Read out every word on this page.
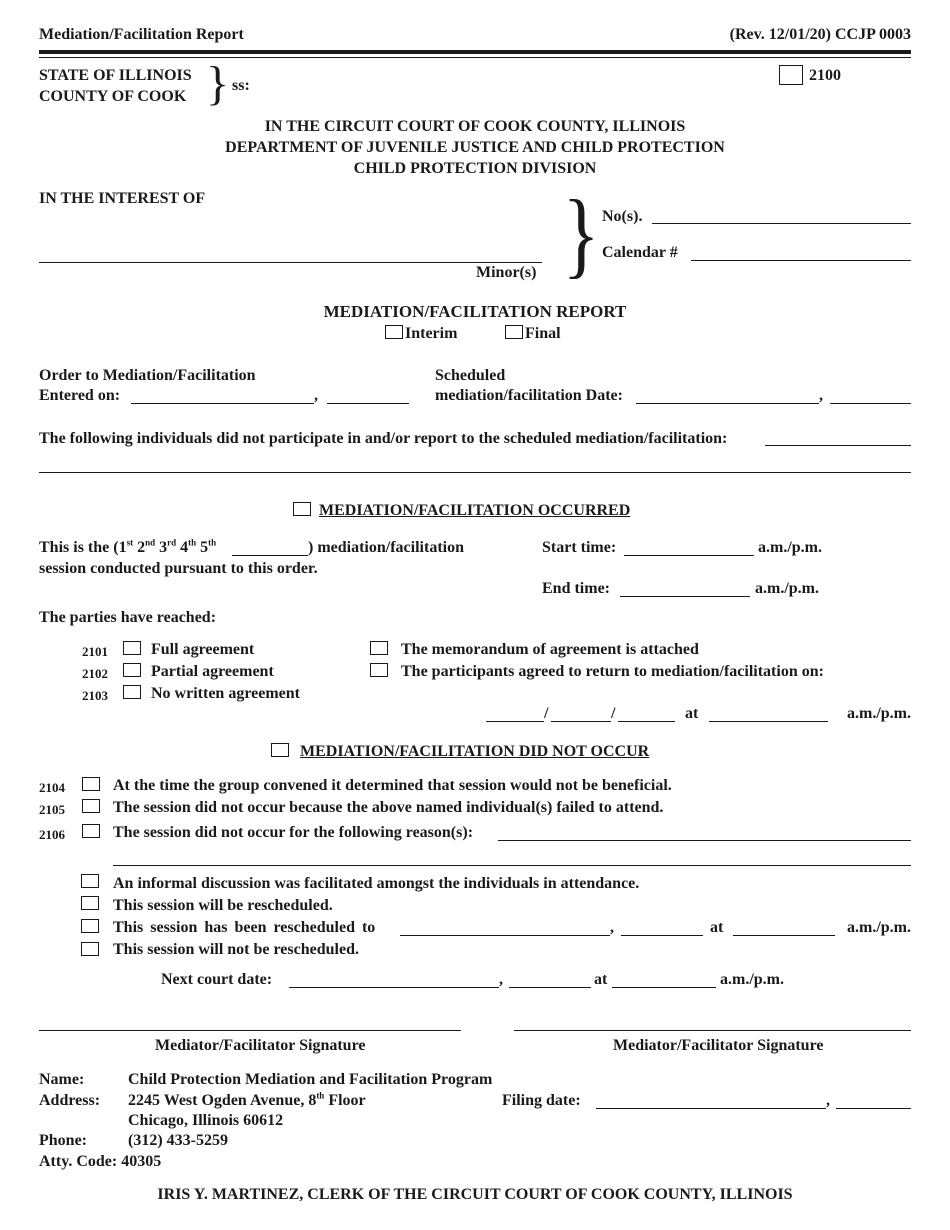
Mediation/Facilitation Report	(Rev. 12/01/20) CCJP 0003
STATE OF ILLINOIS
COUNTY OF COOK } ss:
2100
IN THE CIRCUIT COURT OF COOK COUNTY, ILLINOIS
DEPARTMENT OF JUVENILE JUSTICE AND CHILD PROTECTION
CHILD PROTECTION DIVISION
IN THE INTEREST OF
Minor(s) } No(s).
Calendar #
MEDIATION/FACILITATION REPORT
Interim	Final
Order to Mediation/Facilitation
Entered on:	,
Scheduled
mediation/facilitation Date:	,
The following individuals did not participate in and/or report to the scheduled mediation/facilitation:
MEDIATION/FACILITATION OCCURRED
This is the (1st 2nd 3rd 4th 5th	) mediation/facilitation
session conducted pursuant to this order.
Start time:	a.m./p.m.
End time:	a.m./p.m.
The parties have reached:
2101	Full agreement
2102	Partial agreement
2103	No written agreement
The memorandum of agreement is attached
The participants agreed to return to mediation/facilitation on:
/	/	at	a.m./p.m.
MEDIATION/FACILITATION DID NOT OCCUR
2104	At the time the group convened it determined that session would not be beneficial.
2105	The session did not occur because the above named individual(s) failed to attend.
2106	The session did not occur for the following reason(s):
An informal discussion was facilitated amongst the individuals in attendance.
This session will be rescheduled.
This session has been rescheduled to	,	at	a.m./p.m.
This session will not be rescheduled.
Next court date:	,	at	a.m./p.m.
Mediator/Facilitator Signature	Mediator/Facilitator Signature
Name:	Child Protection Mediation and Facilitation Program
Address: 2245 West Ogden Avenue, 8th Floor
Chicago, Illinois 60612
Phone:	(312) 433-5259
Atty. Code: 40305
Filing date:	,
IRIS Y. MARTINEZ, CLERK OF THE CIRCUIT COURT OF COOK COUNTY, ILLINOIS
